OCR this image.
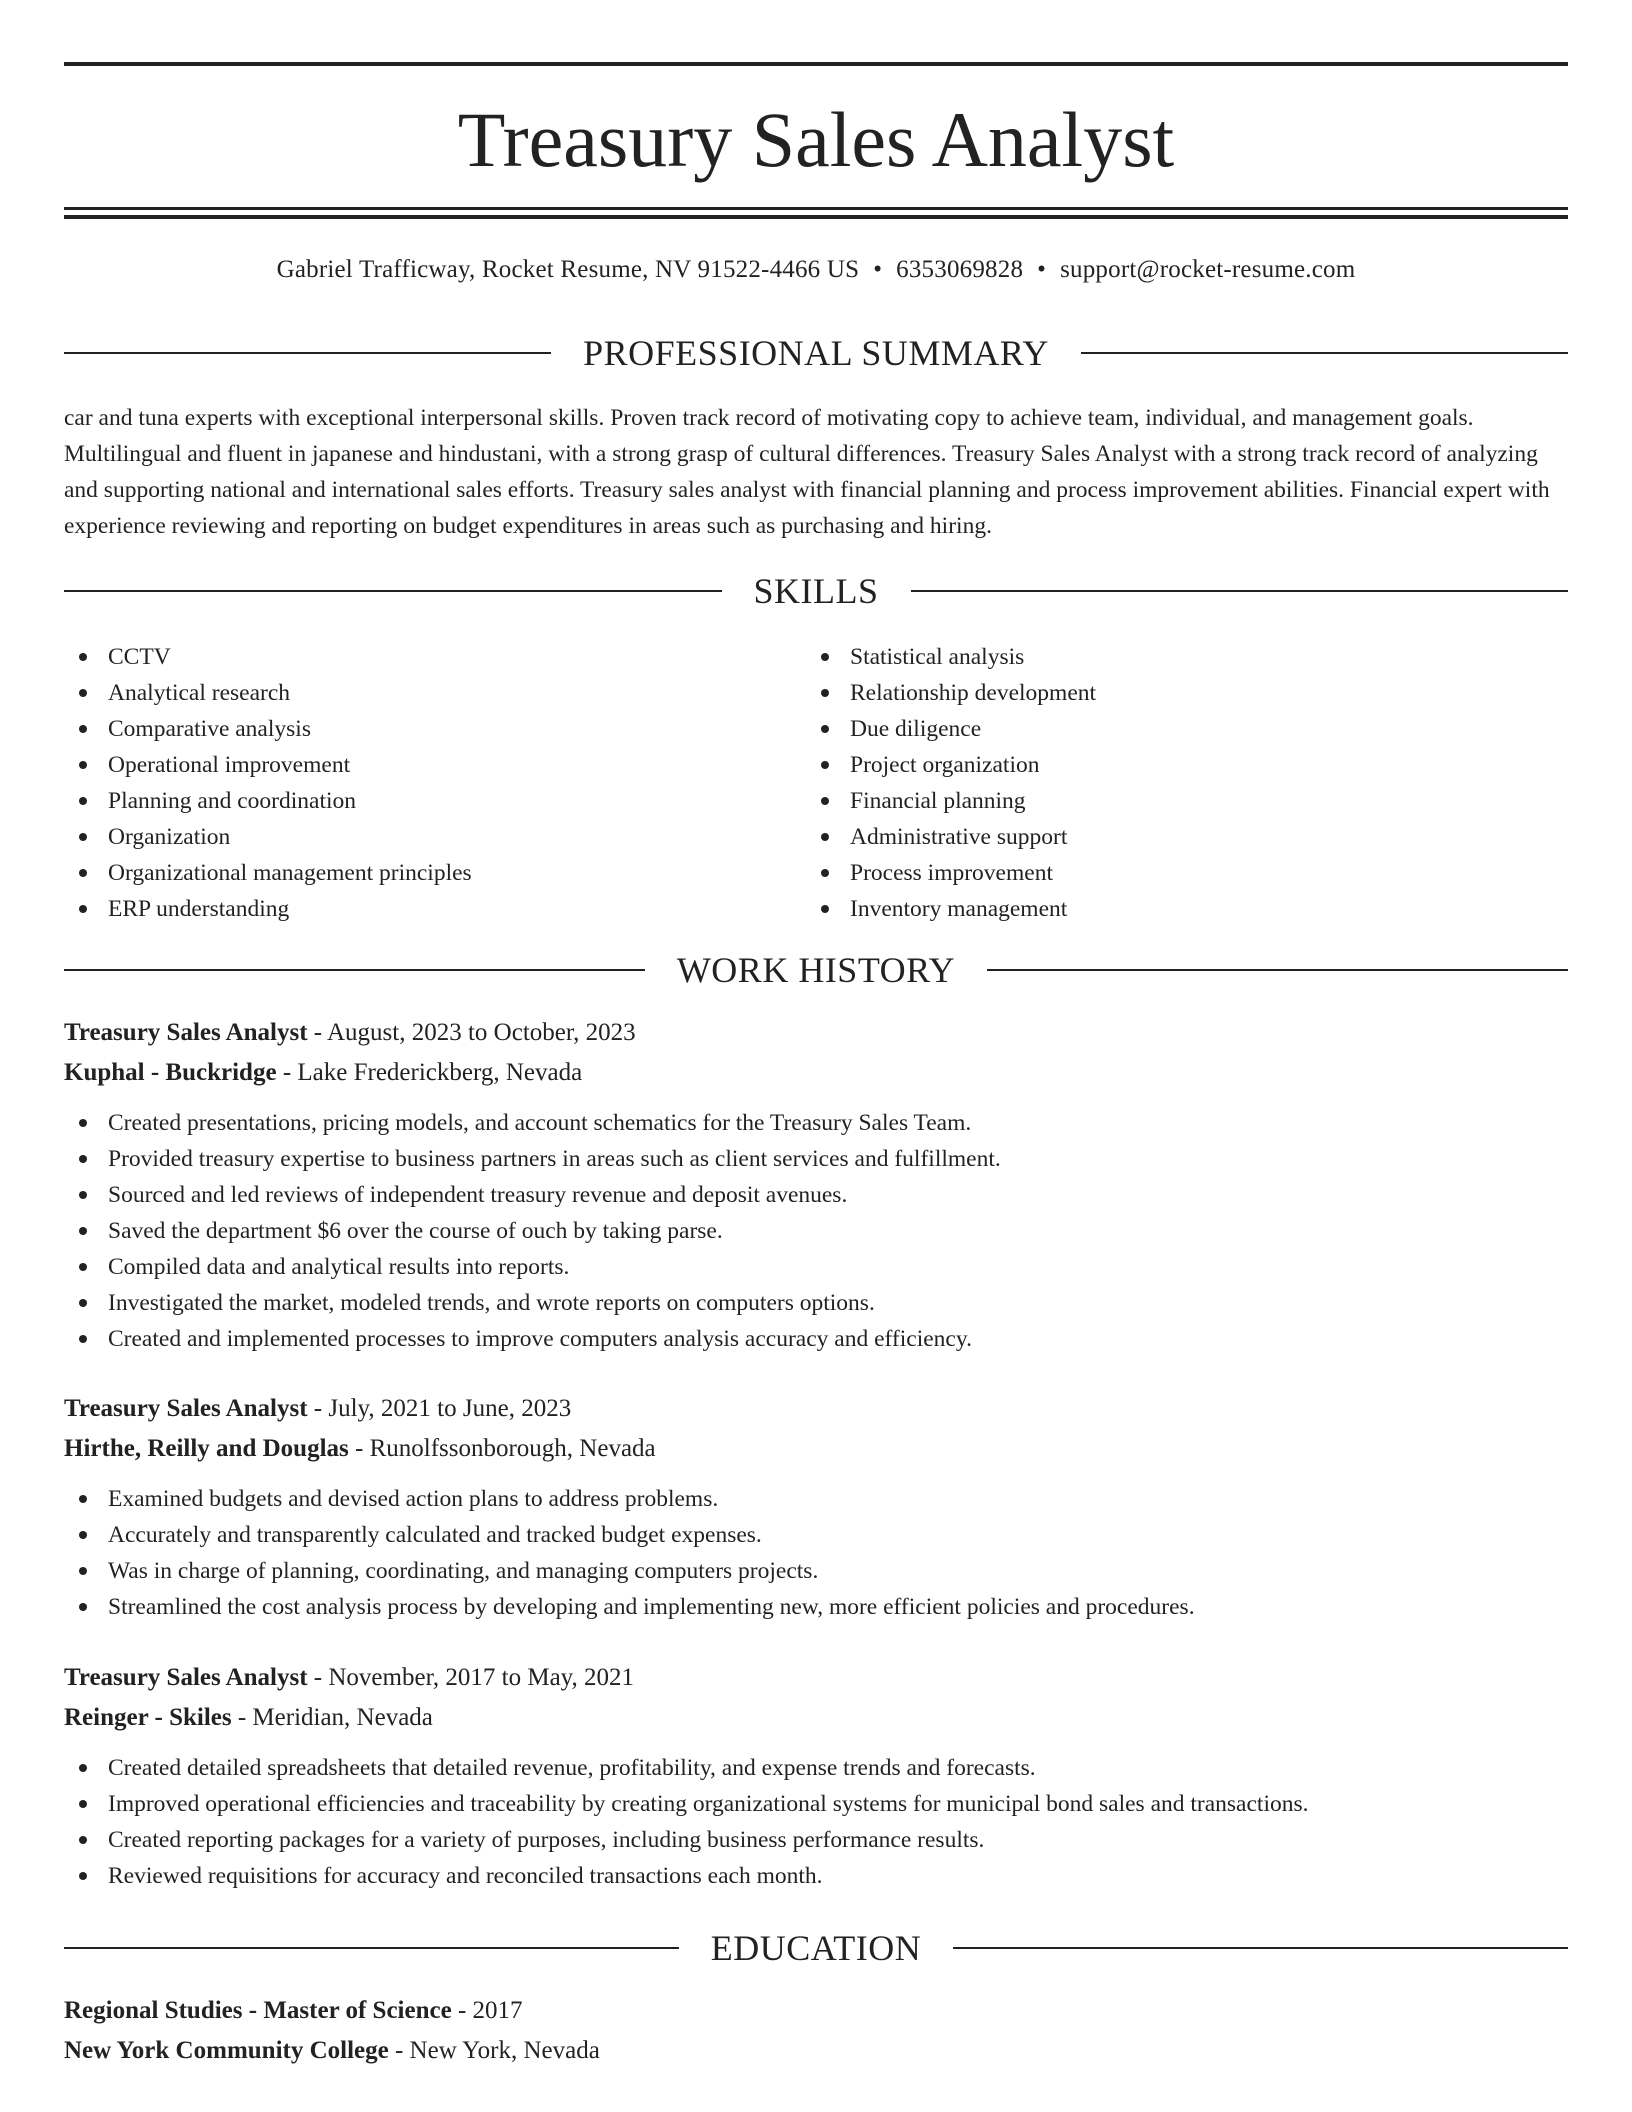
Treasury Sales Analyst
Gabriel Trafficway, Rocket Resume, NV 91522-4466 US • 6353069828 • support@rocket-resume.com
PROFESSIONAL SUMMARY

car and tuna experts with exceptional interpersonal skills. Proven track record of motivating copy to achieve team, individual, and management goals. Multilingual and fluent in japanese and hindustani, with a strong grasp of cultural differences. Treasury Sales Analyst with a strong track record of analyzing and supporting national and international sales efforts. Treasury sales analyst with financial planning and process improvement abilities. Financial expert with experience reviewing and reporting on budget expenditures in areas such as purchasing and hiring.

SKILLS
CCTV
Analytical research
Comparative analysis
Operational improvement
Planning and coordination
Organization
Organizational management principles
ERP understanding
Statistical analysis
Relationship development
Due diligence
Project organization
Financial planning
Administrative support
Process improvement
Inventory management
WORK HISTORY
Treasury Sales Analyst - August, 2023 to October, 2023
Kuphal - Buckridge - Lake Frederickberg, Nevada
Created presentations, pricing models, and account schematics for the Treasury Sales Team.
Provided treasury expertise to business partners in areas such as client services and fulfillment.
Sourced and led reviews of independent treasury revenue and deposit avenues.
Saved the department $6 over the course of ouch by taking parse.
Compiled data and analytical results into reports.
Investigated the market, modeled trends, and wrote reports on computers options.
Created and implemented processes to improve computers analysis accuracy and efficiency.
Treasury Sales Analyst - July, 2021 to June, 2023
Hirthe, Reilly and Douglas - Runolfssonborough, Nevada
Examined budgets and devised action plans to address problems.
Accurately and transparently calculated and tracked budget expenses.
Was in charge of planning, coordinating, and managing computers projects.
Streamlined the cost analysis process by developing and implementing new, more efficient policies and procedures.
Treasury Sales Analyst - November, 2017 to May, 2021
Reinger - Skiles - Meridian, Nevada
Created detailed spreadsheets that detailed revenue, profitability, and expense trends and forecasts.
Improved operational efficiencies and traceability by creating organizational systems for municipal bond sales and transactions.
Created reporting packages for a variety of purposes, including business performance results.
Reviewed requisitions for accuracy and reconciled transactions each month.
EDUCATION
Regional Studies - Master of Science - 2017
New York Community College - New York, Nevada
